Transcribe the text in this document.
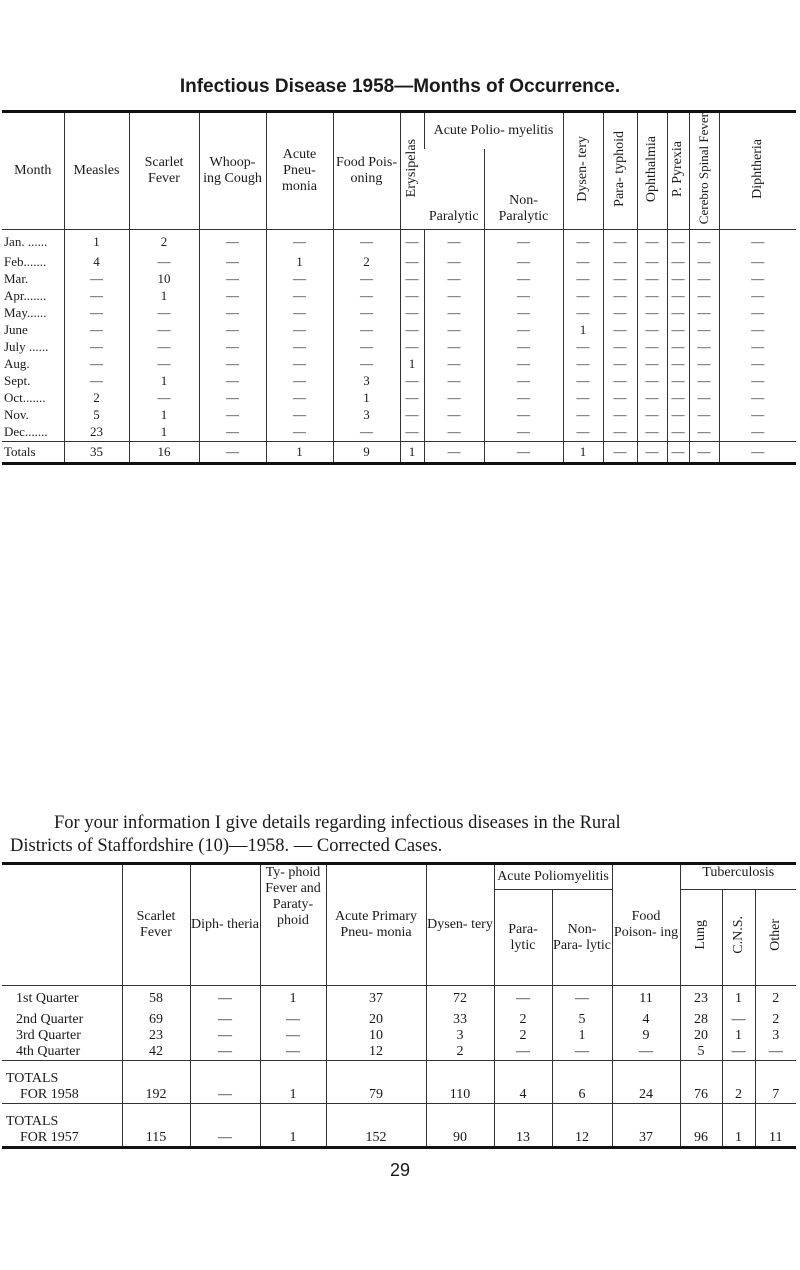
Infectious Disease 1958—Months of Occurrence.
Month	Measles	Scarlet Fever	Whoop- ing Cough	Acute Pneu- monia	Food Pois- oning	Erysipelas	Acute Polio- myelitis		Dysen- tery	Para- typhoid	Ophthalmia	P. Pyrexia	Cerebro Spinal Fever	Diphtheria
							Paralytic	Non- Paralytic						
Jan. ......	1	2	—	—	—	—	—	—	—	—	—	—	—	—
Feb.......	4	—	—	1	2	—	—	—	—	—	—	—	—	—
Mar.	—	10	—	—	—	—	—	—	—	—	—	—	—	—
Apr.......	—	1	—	—	—	—	—	—	—	—	—	—	—	—
May......	—	—	—	—	—	—	—	—	—	—	—	—	—	—
June	—	—	—	—	—	—	—	—	1	—	—	—	—	—
July ......	—	—	—	—	—	—	—	—	—	—	—	—	—	—
Aug.	—	—	—	—	—	1	—	—	—	—	—	—	—	—
Sept.	—	1	—	—	3	—	—	—	—	—	—	—	—	—
Oct.......	2	—	—	—	1	—	—	—	—	—	—	—	—	—
Nov.	5	1	—	—	3	—	—	—	—	—	—	—	—	—
Dec.......	23	1	—	—	—	—	—	—	—	—	—	—	—	—
Totals	35	16	—	1	9	1	—	—	1	—	—	—	—	—
For your information I give details regarding infectious diseases in the Rural
Districts of Staffordshire (10)—1958. — Corrected Cases.
	Scarlet Fever	Diph- theria	Ty- phoid Fever and Paraty- phoid	Acute Primary Pneu- monia	Dysen- tery	Acute Poliomyelitis		Food Poison- ing	Tuberculosis		
						Para- lytic	Non- Para- lytic		Lung	C.N.S.	Other
1st Quarter	58	—	1	37	72	—	—	11	23	1	2
2nd Quarter	69	—	—	20	33	2	5	4	28	—	2
3rd Quarter	23	—	—	10	3	2	1	9	20	1	3
4th Quarter	42	—	—	12	2	—	—	—	5	—	—

TOTALS
FOR 1958	192	—	1	79	110	4	6	24	76	2	7

TOTALS
FOR 1957	115	—	1	152	90	13	12	37	96	1	11
29
